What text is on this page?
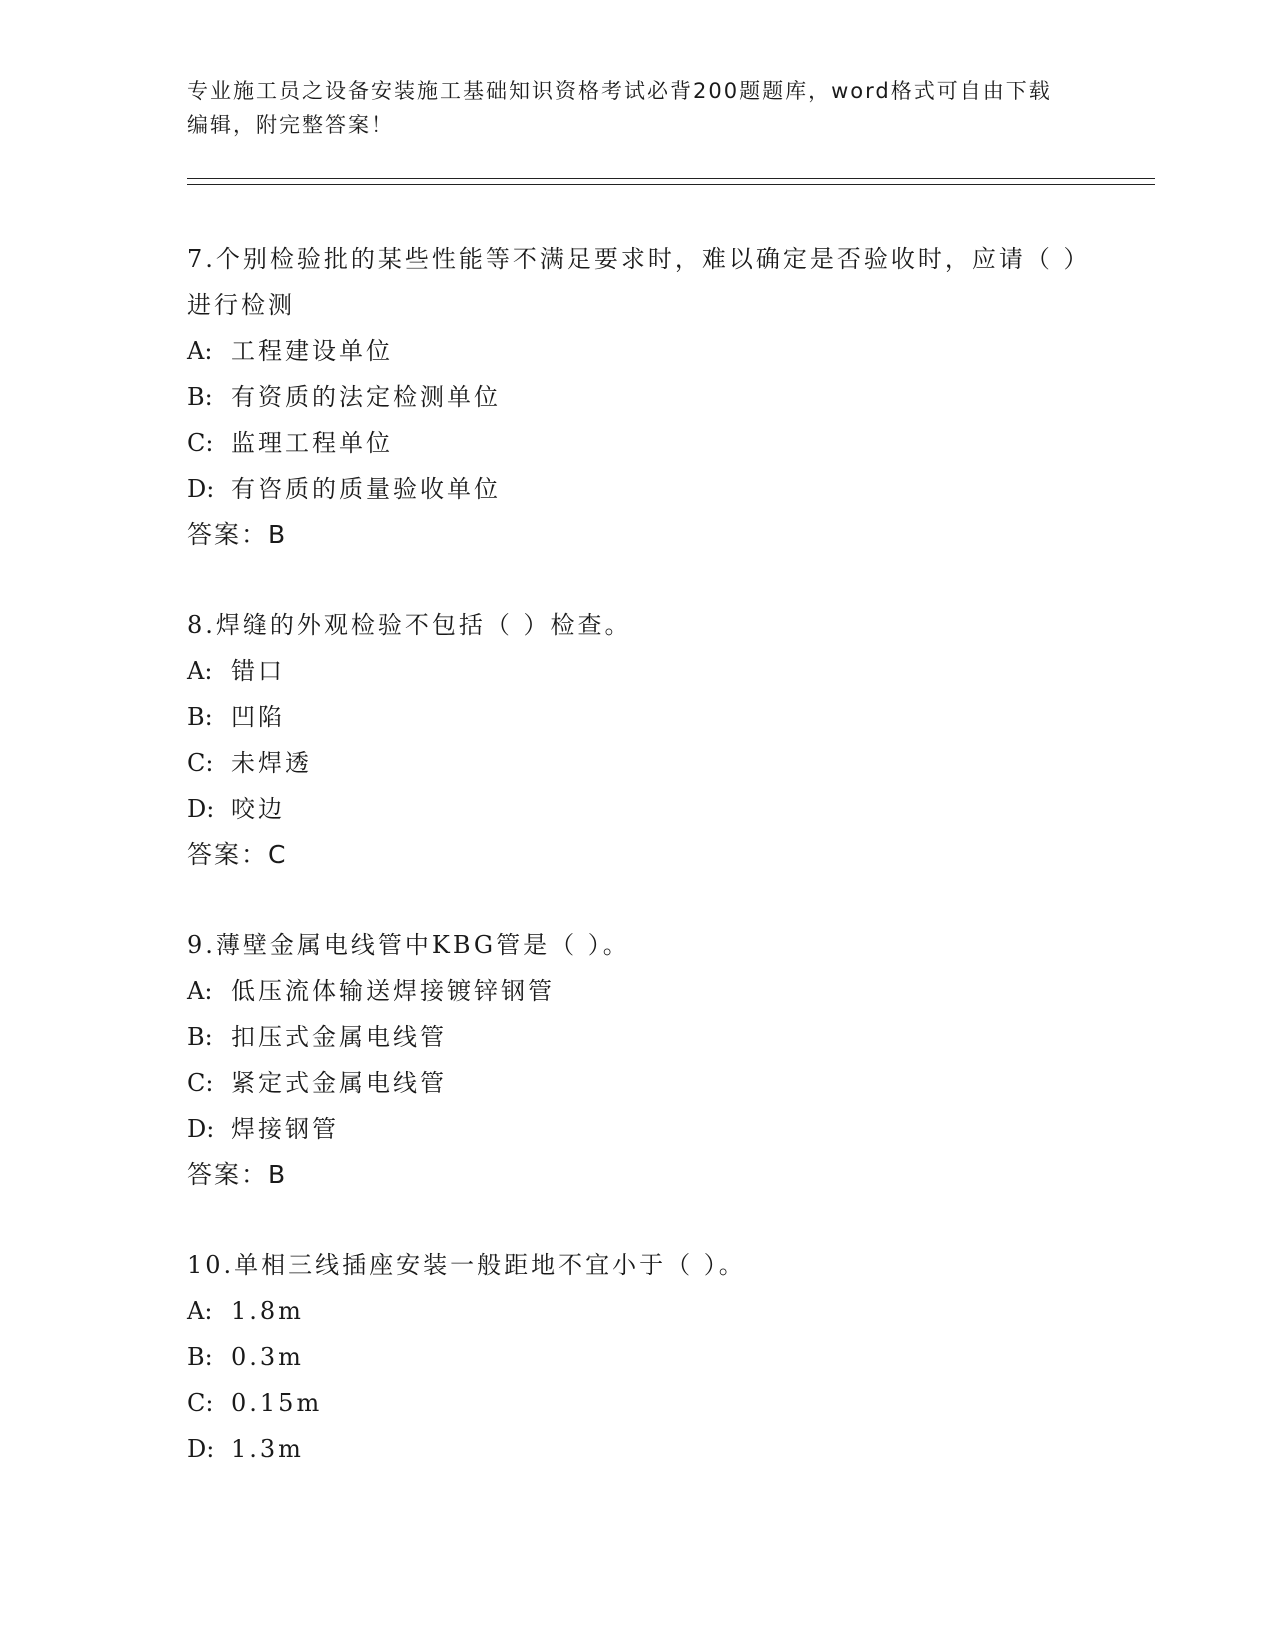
专业施工员之设备安装施工基础知识资格考试必背200题题库，word格式可自由下载编辑，附完整答案！
7.个别检验批的某些性能等不满足要求时，难以确定是否验收时，应请（ ）进行检测
A: 工程建设单位
B: 有资质的法定检测单位
C: 监理工程单位
D: 有咨质的质量验收单位
答案：B
8.焊缝的外观检验不包括（ ）检查。
A: 错口
B: 凹陷
C: 未焊透
D: 咬边
答案：C
9.薄壁金属电线管中KBG管是（ ）。
A: 低压流体输送焊接镀锌钢管
B: 扣压式金属电线管
C: 紧定式金属电线管
D: 焊接钢管
答案：B
10.单相三线插座安装一般距地不宜小于（ ）。
A: 1.8m
B: 0.3m
C: 0.15m
D: 1.3m
